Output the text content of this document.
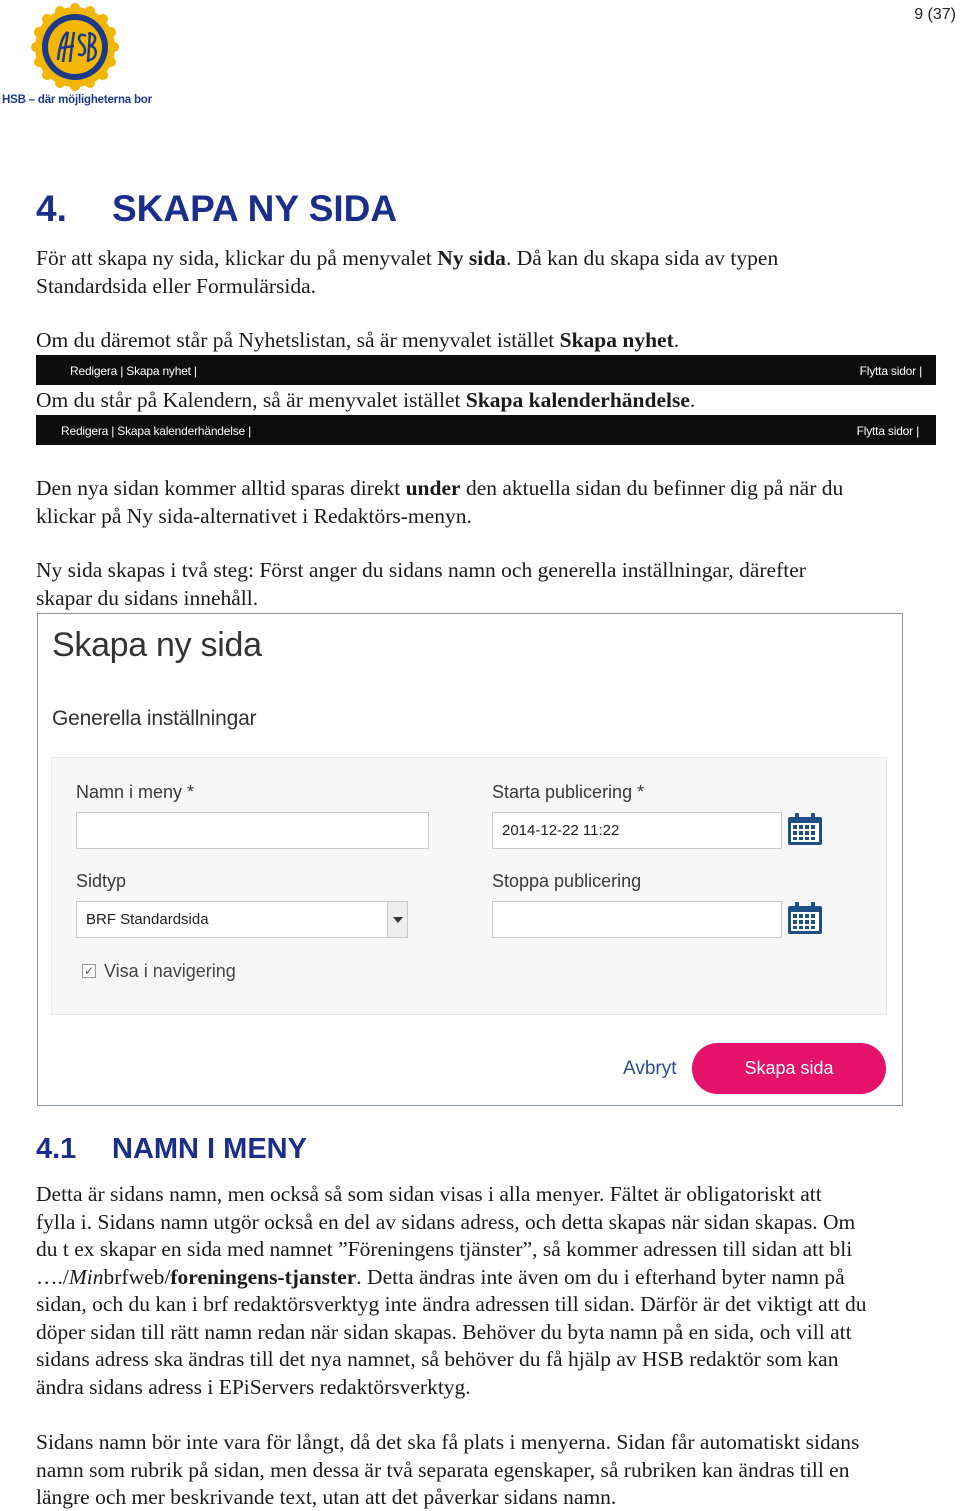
9 (37)
HSB – där möjligheterna bor
4. SKAPA NY SIDA
För att skapa ny sida, klickar du på menyvalet Ny sida. Då kan du skapa sida av typen
Standardsida eller Formulärsida.
Om du däremot står på Nyhetslistan, så är menyvalet istället Skapa nyhet.
Redigera | Skapa nyhet |	Flytta sidor |
Om du står på Kalendern, så är menyvalet istället Skapa kalenderhändelse.
Redigera | Skapa kalenderhändelse |	Flytta sidor |
Den nya sidan kommer alltid sparas direkt under den aktuella sidan du befinner dig på när du
klickar på Ny sida-alternativet i Redaktörs-menyn.
Ny sida skapas i två steg: Först anger du sidans namn och generella inställningar, därefter
skapar du sidans innehåll.
Skapa ny sida
Generella inställningar
Namn i meny *	Starta publicering *
2014-12-22 11:22
Sidtyp
BRF Standardsida
Stoppa publicering
✓ Visa i navigering
Avbryt	Skapa sida
4.1 NAMN I MENY
Detta är sidans namn, men också så som sidan visas i alla menyer. Fältet är obligatoriskt att
fylla i. Sidans namn utgör också en del av sidans adress, och detta skapas när sidan skapas. Om
du t ex skapar en sida med namnet ”Föreningens tjänster”, så kommer adressen till sidan att bli
…./Minbrfweb/foreningens-tjanster. Detta ändras inte även om du i efterhand byter namn på
sidan, och du kan i brf redaktörsverktyg inte ändra adressen till sidan. Därför är det viktigt att du
döper sidan till rätt namn redan när sidan skapas. Behöver du byta namn på en sida, och vill att
sidans adress ska ändras till det nya namnet, så behöver du få hjälp av HSB redaktör som kan
ändra sidans adress i EPiServers redaktörsverktyg.
Sidans namn bör inte vara för långt, då det ska få plats i menyerna. Sidan får automatiskt sidans
namn som rubrik på sidan, men dessa är två separata egenskaper, så rubriken kan ändras till en
längre och mer beskrivande text, utan att det påverkar sidans namn.
